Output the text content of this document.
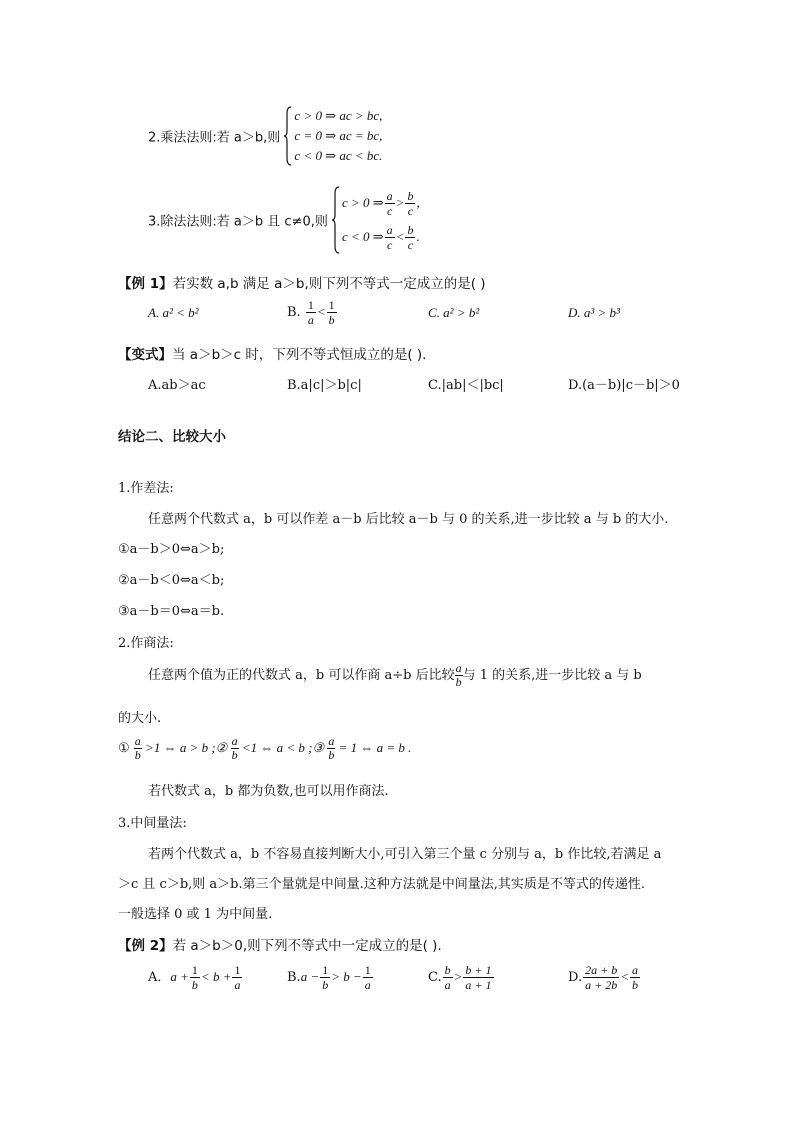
2.乘法法则:若 a＞b,则
c > 0 ⇒ ac > bc,
c = 0 ⇒ ac = bc,
c < 0 ⇒ ac < bc.
3.除法法则:若 a＞b 且 c≠0,则
c > 0 ⇒ $\frac{a}{c} > \frac{b}{c}$ ,
c < 0 ⇒ $\frac{a}{c} < \frac{b}{c}$ .
【例 1】若实数 a,b 满足 a＞b,则下列不等式一定成立的是( )
A. a² < b²	B. $\frac{1}{a} < \frac{1}{b}$	C. a² > b²	D. a³ > b³
【变式】当 a＞b＞c 时，下列不等式恒成立的是( ).
A.ab＞ac	B.a|c|＞b|c|	C.|ab|＜|bc|	D.(a－b)|c－b|＞0
结论二、比较大小
1.作差法:
任意两个代数式 a，b 可以作差 a－b 后比较 a－b 与 0 的关系,进一步比较 a 与 b 的大小.
①a－b＞0⇔a＞b;
②a－b＜0⇔a＜b;
③a－b＝0⇔a＝b.
2.作商法:
任意两个值为正的代数式 a，b 可以作商 a÷b 后比较 $\frac{a}{b}$ 与 1 的关系,进一步比较 a 与 b
的大小.
① $\frac{a}{b} >1$ ⇔ a > b ;② $\frac{a}{b} <1$ ⇔ a < b ;③ $\frac{a}{b} = 1$ ⇔ a = b .
若代数式 a，b 都为负数,也可以用作商法.
3.中间量法:
若两个代数式 a，b 不容易直接判断大小,可引入第三个量 c 分别与 a，b 作比较,若满足 a
＞c 且 c＞b,则 a＞b.第三个量就是中间量.这种方法就是中间量法,其实质是不等式的传递性.
一般选择 0 或 1 为中间量.
【例 2】若 a＞b＞0,则下列不等式中一定成立的是( ).
A．$a + \frac{1}{b} < b + \frac{1}{a}$	$B.a - \frac{1}{b} > b - \frac{1}{a}$	C. $\frac{b}{a} > \frac{b + 1}{a + 1}$	D. $\frac{2a + b}{a + 2b} < \frac{a}{b}$
